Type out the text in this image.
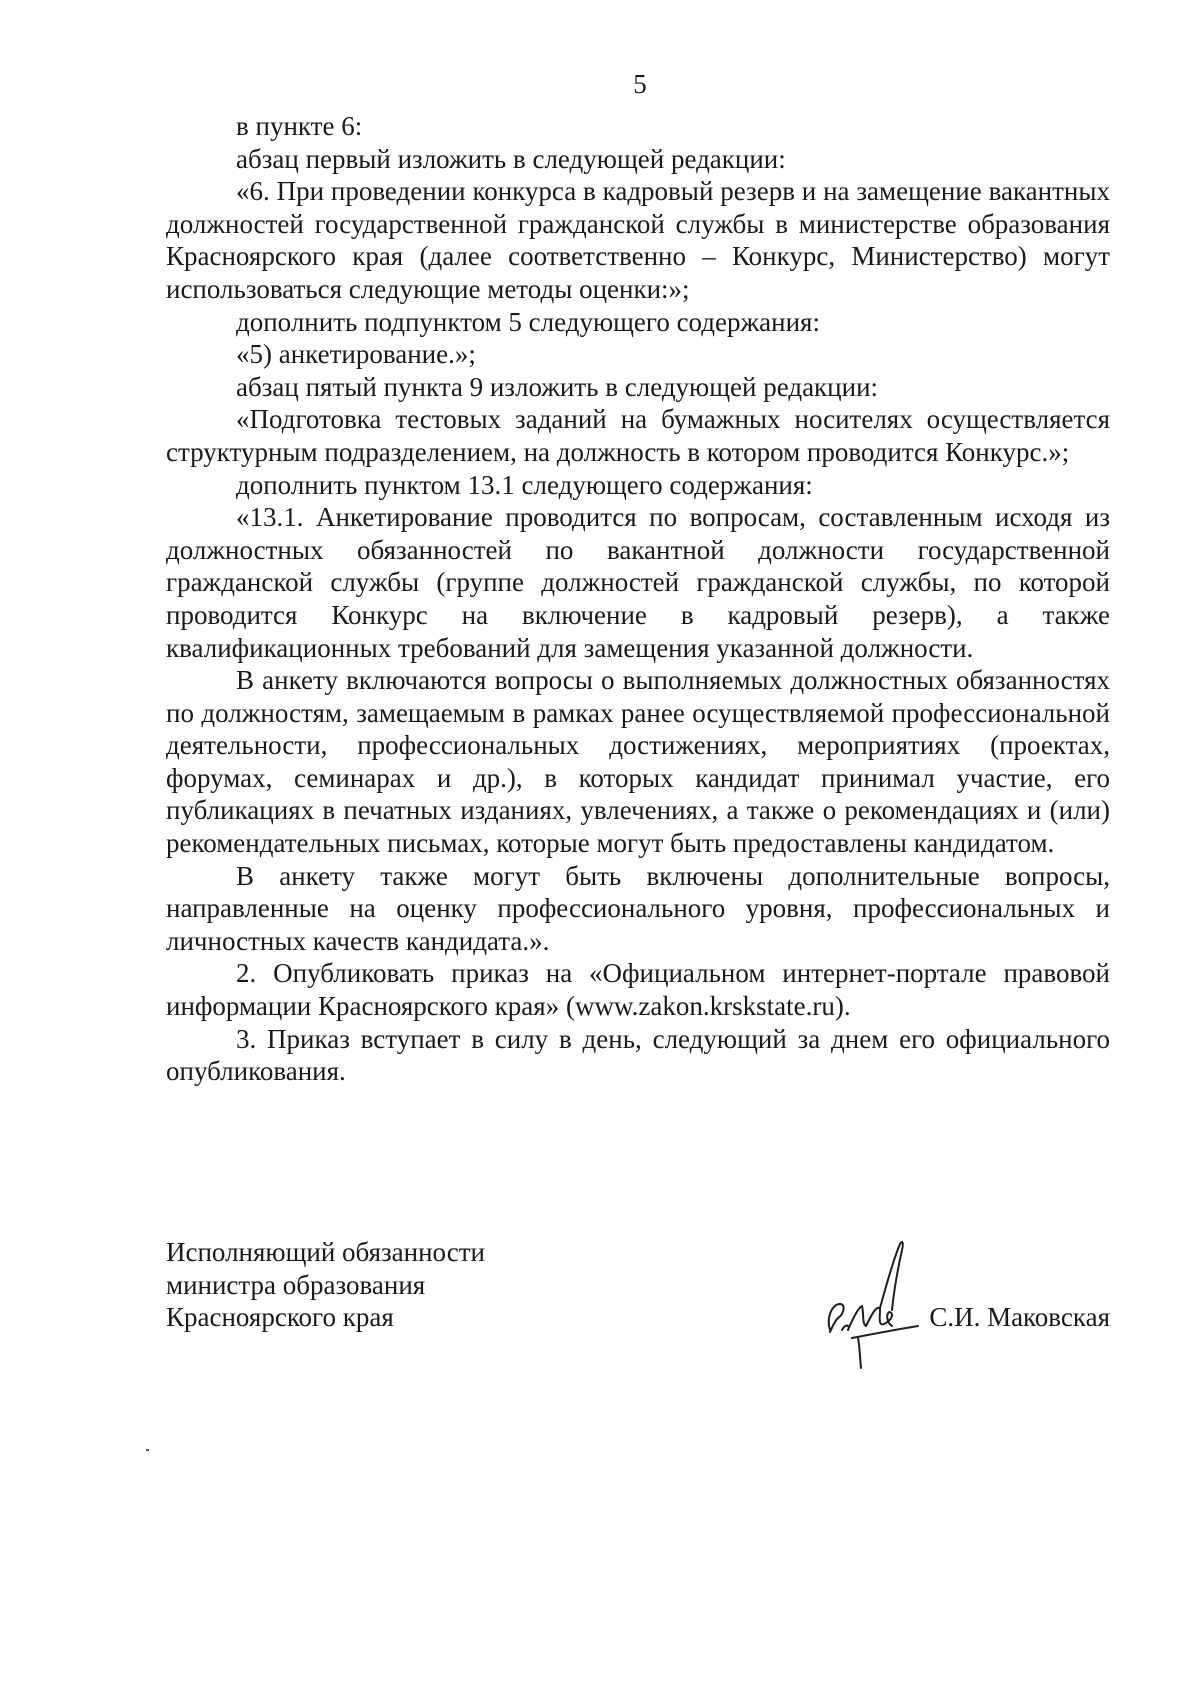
5

в пункте 6:

абзац первый изложить в следующей редакции:

«6. При проведении конкурса в кадровый резерв и на замещение вакантных должностей государственной гражданской службы в министерстве образования Красноярского края (далее соответственно – Конкурс, Министерство) могут использоваться следующие методы оценки:»;

дополнить подпунктом 5 следующего содержания:

«5) анкетирование.»;

абзац пятый пункта 9 изложить в следующей редакции:

«Подготовка тестовых заданий на бумажных носителях осуществляется структурным подразделением, на должность в котором проводится Конкурс.»;

дополнить пунктом 13.1 следующего содержания:

«13.1. Анкетирование проводится по вопросам, составленным исходя из должностных обязанностей по вакантной должности государственной гражданской службы (группе должностей гражданской службы, по которой проводится Конкурс на включение в кадровый резерв), а также квалификационных требований для замещения указанной должности.

В анкету включаются вопросы о выполняемых должностных обязанностях по должностям, замещаемым в рамках ранее осуществляемой профессиональной деятельности, профессиональных достижениях, мероприятиях (проектах, форумах, семинарах и др.), в которых кандидат принимал участие, его публикациях в печатных изданиях, увлечениях, а также о рекомендациях и (или) рекомендательных письмах, которые могут быть предоставлены кандидатом.

В анкету также могут быть включены дополнительные вопросы, направленные на оценку профессионального уровня, профессиональных и личностных качеств кандидата.».

2. Опубликовать приказ на «Официальном интернет-портале правовой информации Красноярского края» (www.zakon.krskstate.ru).

3. Приказ вступает в силу в день, следующий за днем его официального опубликования.

Исполняющий обязанности
министра образования
Красноярского края	С.И. Маковская
